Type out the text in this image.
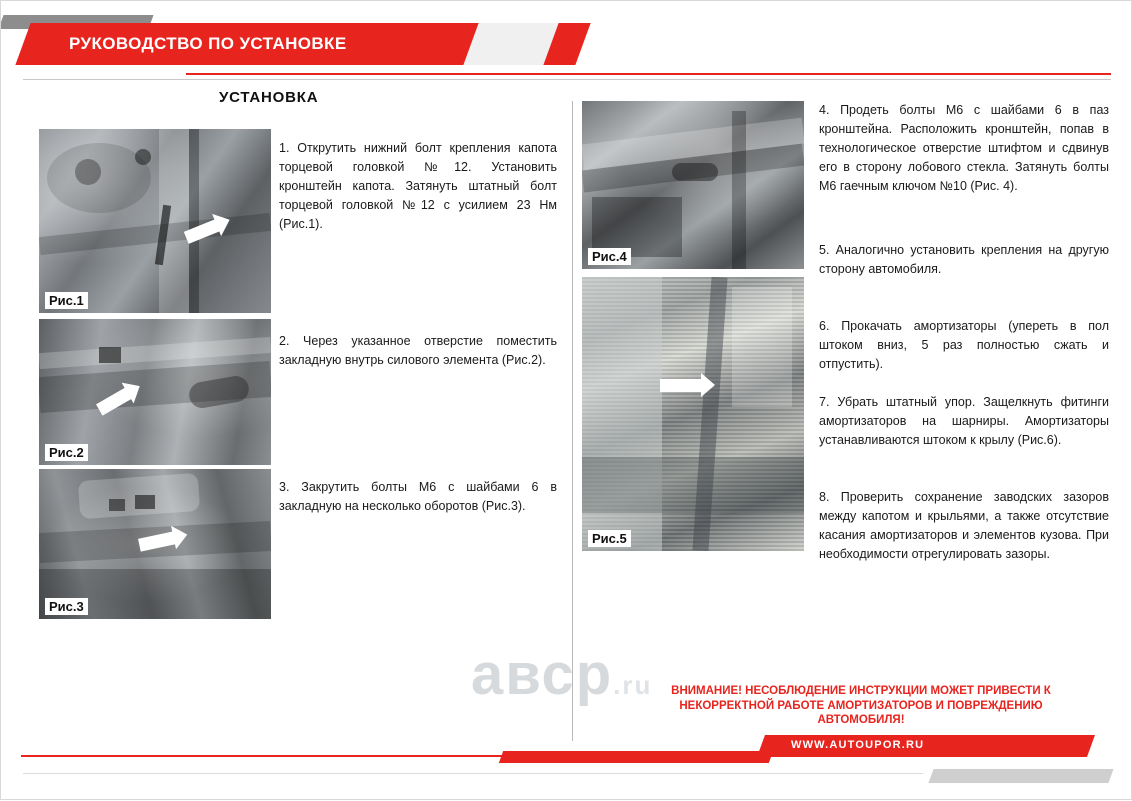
РУКОВОДСТВО ПО УСТАНОВКЕ
УСТАНОВКА
Рис.1
Рис.2
Рис.3
Рис.4
Рис.5
1. Открутить нижний болт крепления капота торцевой головкой №12. Установить кронштейн капота. Затянуть штатный болт торцевой головкой №12 с усилием 23 Нм (Рис.1).
2. Через указанное отверстие поместить закладную внутрь силового элемента (Рис.2).
3. Закрутить болты М6 с шайбами 6 в закладную на несколько оборотов (Рис.3).
4. Продеть болты М6 с шайбами 6 в паз кронштейна. Расположить кронштейн, попав в технологическое отверстие штифтом и сдвинув его в сторону лобового стекла. Затянуть болты М6 гаечным ключом №10 (Рис. 4).
5. Аналогично установить крепления на другую сторону автомобиля.
6. Прокачать амортизаторы (упереть в пол штоком вниз, 5 раз полностью сжать и отпустить).
7. Убрать штатный упор. Защелкнуть фитинги амортизаторов на шарниры. Амортизаторы устанавливаются штоком к крылу (Рис.6).
8. Проверить сохранение заводских зазоров между капотом и крыльями, а также отсутствие касания амортизаторов и элементов кузова. При необходимости отрегулировать зазоры.
авср.ru	ВНИМАНИЕ! НЕСОБЛЮДЕНИЕ ИНСТРУКЦИИ МОЖЕТ ПРИВЕСТИ К
НЕКОРРЕКТНОЙ РАБОТЕ АМОРТИЗАТОРОВ И ПОВРЕЖДЕНИЮ
АВТОМОБИЛЯ!
WWW.AUTOUPOR.RU
